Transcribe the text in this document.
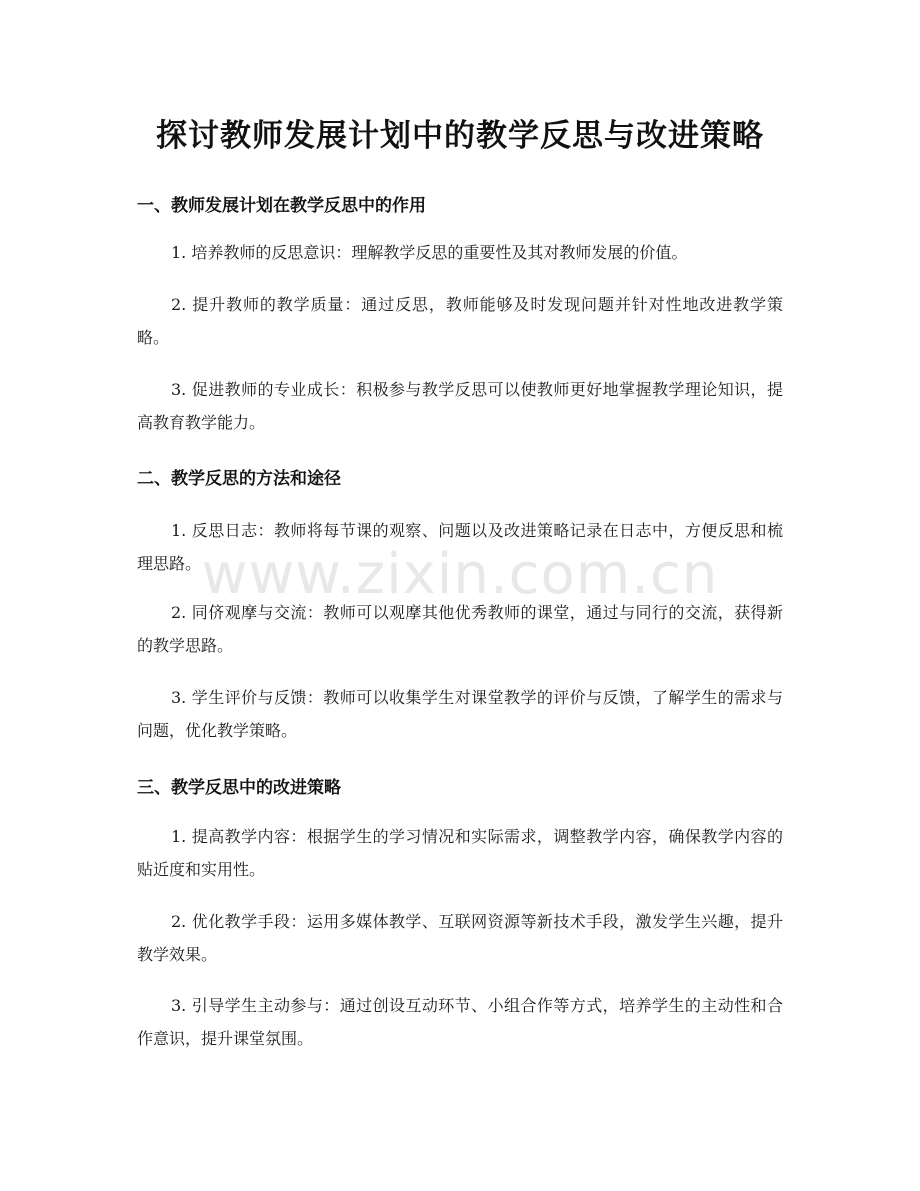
探讨教师发展计划中的教学反思与改进策略
一、教师发展计划在教学反思中的作用

1. 培养教师的反思意识：理解教学反思的重要性及其对教师发展的价值。

2. 提升教师的教学质量：通过反思，教师能够及时发现问题并针对性地改进教学策略。

3. 促进教师的专业成长：积极参与教学反思可以使教师更好地掌握教学理论知识，提高教育教学能力。

二、教学反思的方法和途径

1. 反思日志：教师将每节课的观察、问题以及改进策略记录在日志中，方便反思和梳理思路。

2. 同侪观摩与交流：教师可以观摩其他优秀教师的课堂，通过与同行的交流，获得新的教学思路。

3. 学生评价与反馈：教师可以收集学生对课堂教学的评价与反馈，了解学生的需求与问题，优化教学策略。

三、教学反思中的改进策略

1. 提高教学内容：根据学生的学习情况和实际需求，调整教学内容，确保教学内容的贴近度和实用性。

2. 优化教学手段：运用多媒体教学、互联网资源等新技术手段，激发学生兴趣，提升教学效果。

3. 引导学生主动参与：通过创设互动环节、小组合作等方式，培养学生的主动性和合作意识，提升课堂氛围。

www.zixin.com.cn
